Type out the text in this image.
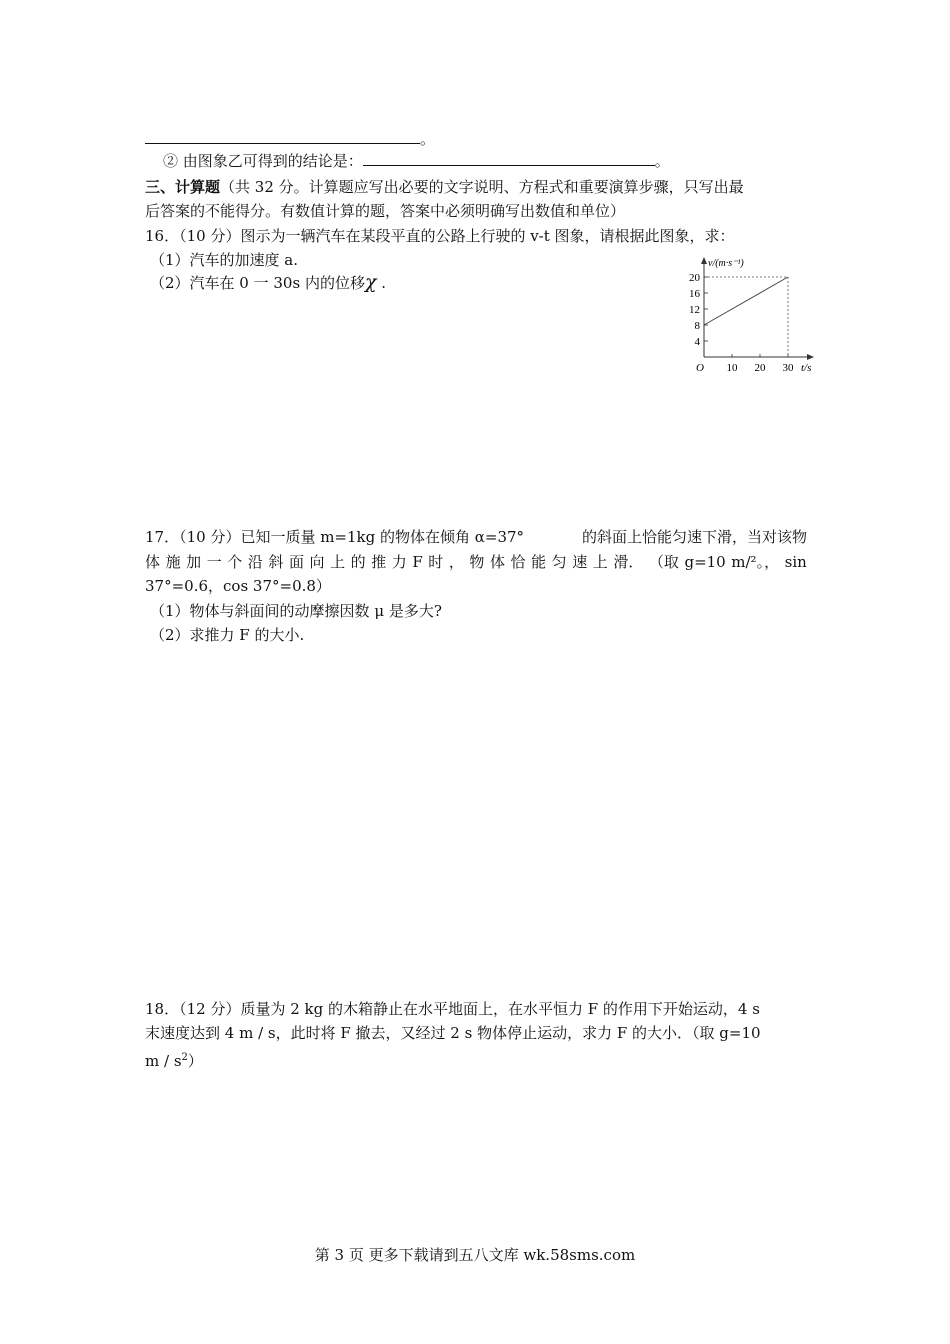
。
② 由图象乙可得到的结论是：	。
三、计算题（共 32 分。计算题应写出必要的文字说明、方程式和重要演算步骤，只写出最
后答案的不能得分。有数值计算的题，答案中必须明确写出数值和单位）
16．（10 分）图示为一辆汽车在某段平直的公路上行驶的 v-t 图象，请根据此图象，求：
（1）汽车的加速度 a.
（2）汽车在 0 一 30s 内的位移χ .
4
8
12
16
20
10 20 30
v/(m·s⁻¹)
t/s
O
17．（10 分）已知一质量 m=1kg 的物体在倾角 α=37°	的斜面上恰能匀速下滑，当对该物
体 施 加 一 个 沿 斜 面 向 上 的 推 力 F 时 ， 物 体 恰 能 匀 速 上 滑． （取 g=10 m/²。， sin
37°=0.6，cos 37°=0.8）
（1）物体与斜面间的动摩擦因数 μ 是多大?
（2）求推力 F 的大小.
18．（12 分）质量为 2 kg 的木箱静止在水平地面上，在水平恒力 F 的作用下开始运动，4 s
末速度达到 4 m / s，此时将 F 撤去，又经过 2 s 物体停止运动，求力 F 的大小．（取 g=10
m / $s^2$）
第 3 页 更多下载请到五八文库 wk.58sms.com
